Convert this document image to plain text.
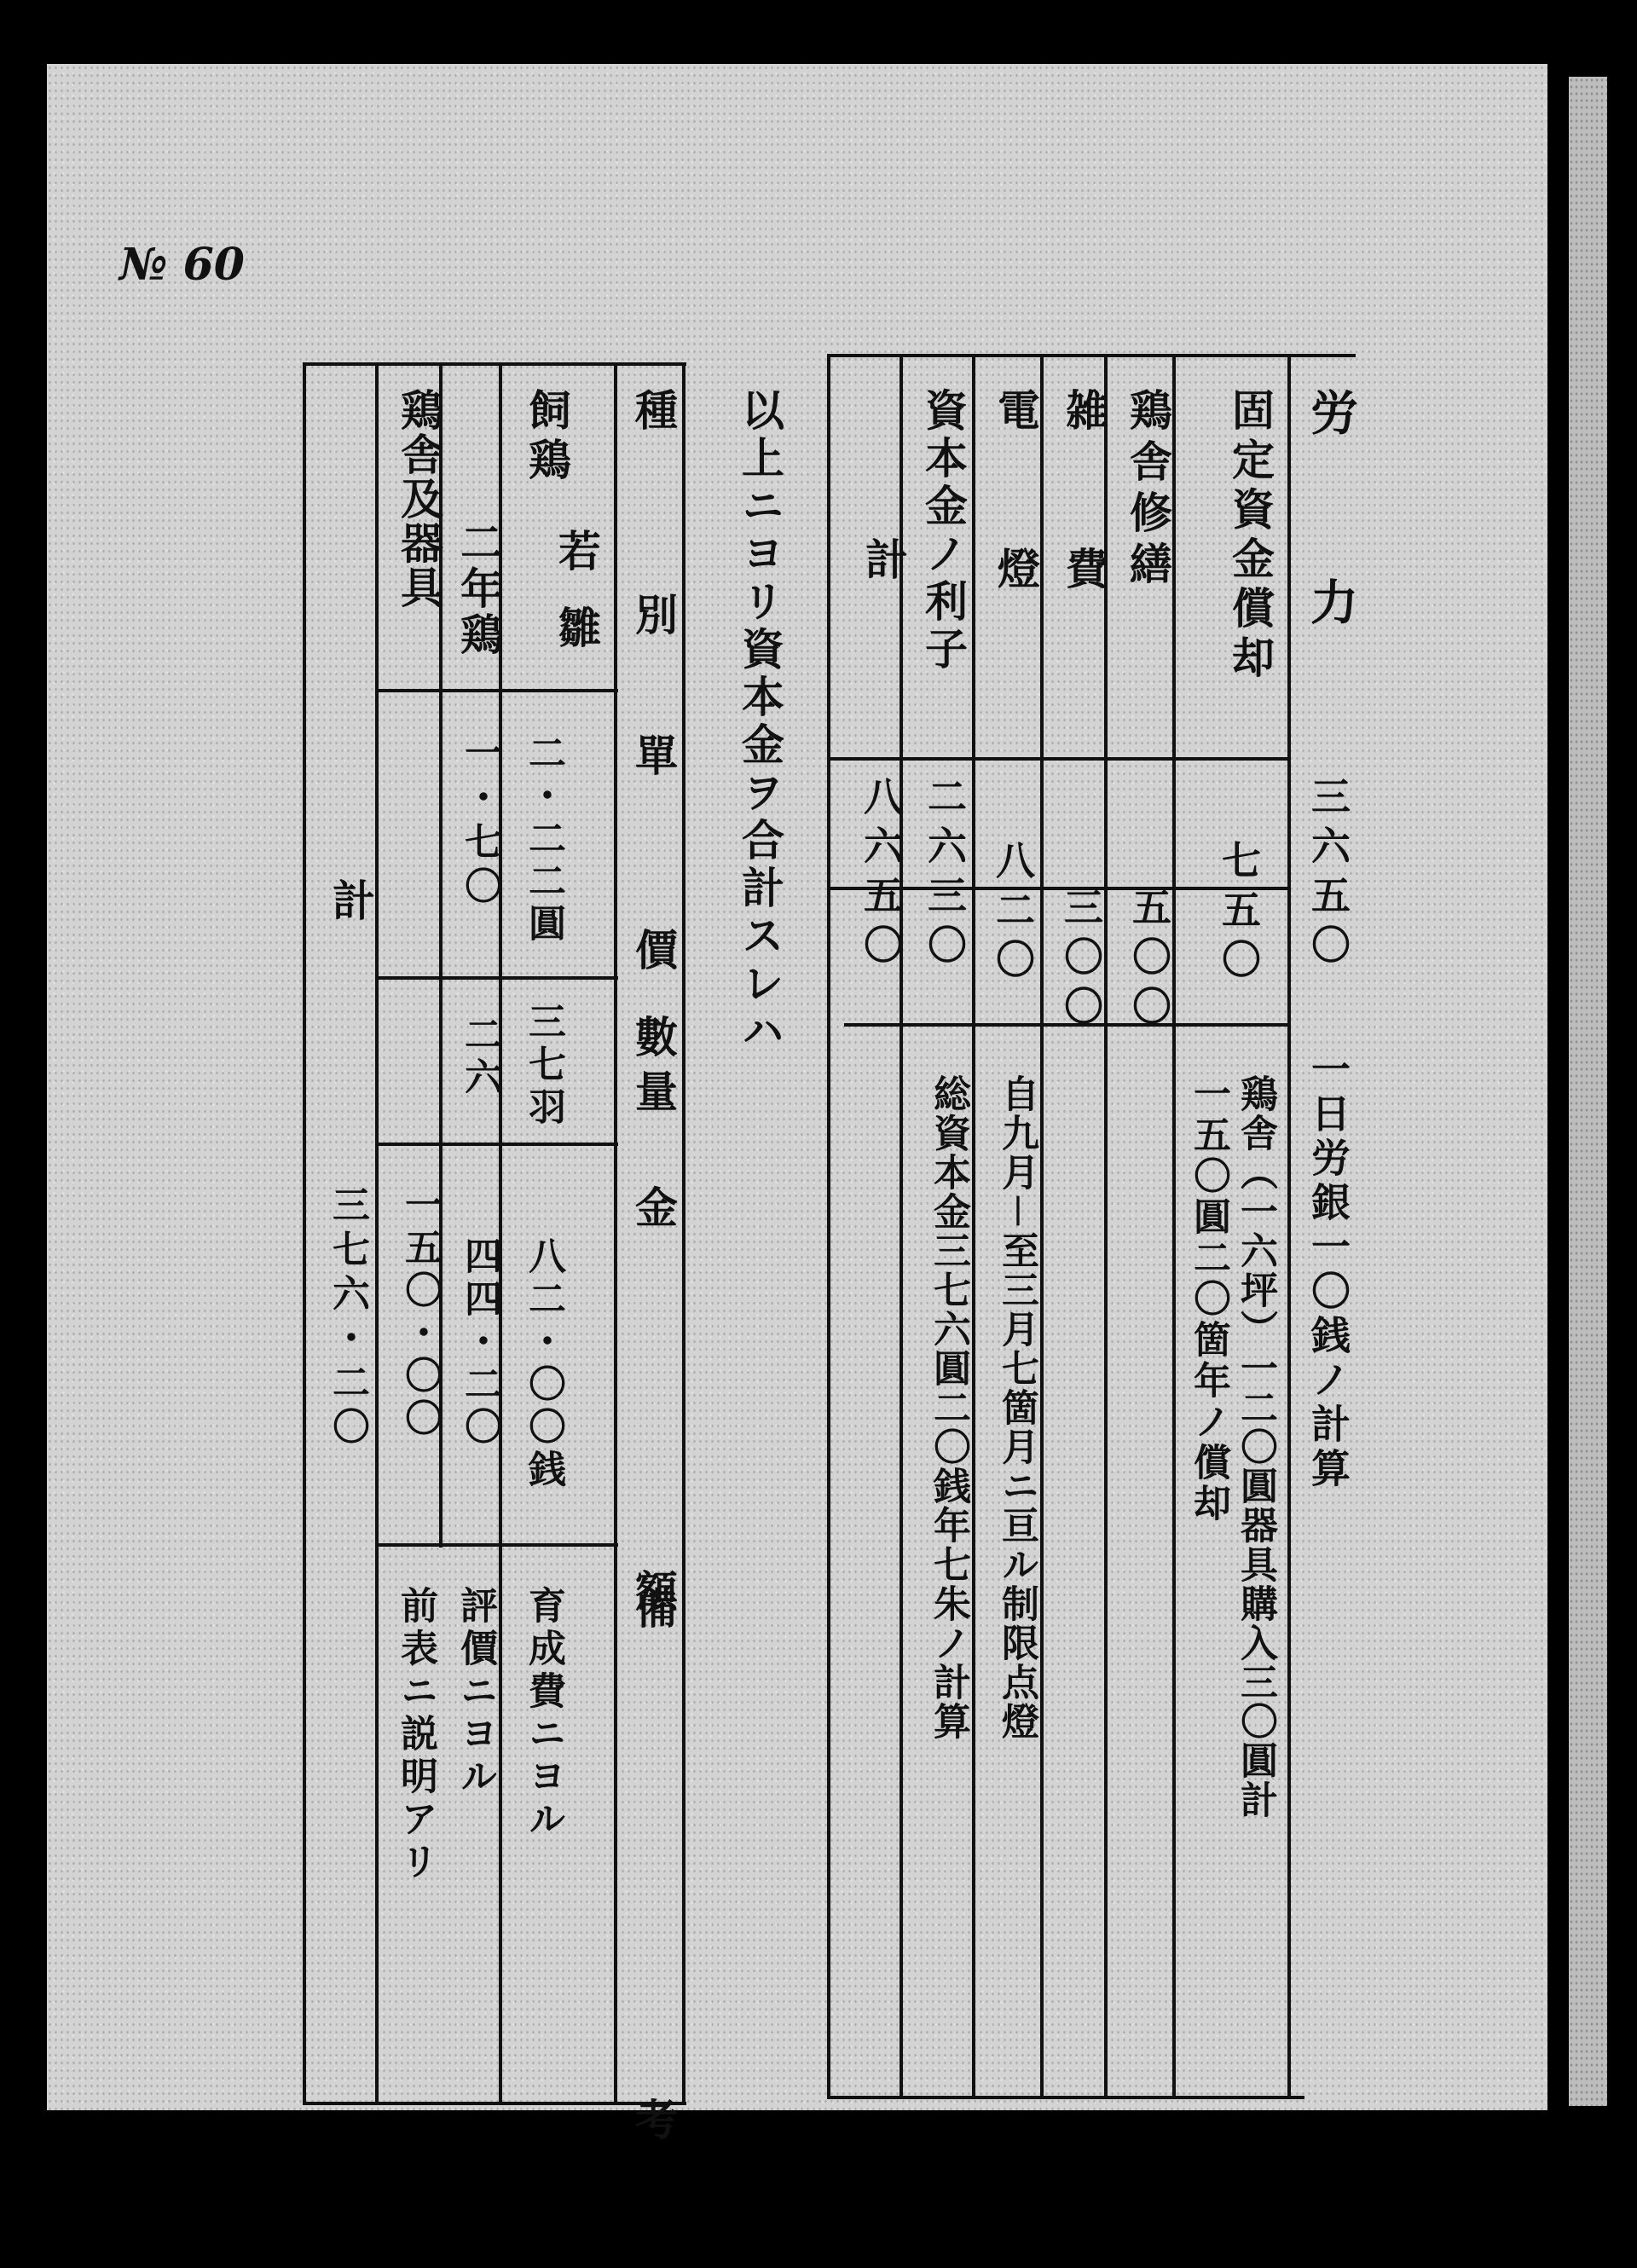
№ 60
労　　力
固定資金償却
鶏舎修繕
雑　　費
電　　燈
資本金ノ利子
計
三六五〇
七五〇
五〇〇
三〇〇
八二〇
二六三〇
八六五〇
一日労銀一〇銭ノ計算
鶏舎（一六坪）一二〇圓器具購入三〇圓計
一五〇圓二〇箇年ノ償却
自九月－至三月七箇月ニ亘ル制限点燈
総資本金三七六圓二〇銭年七朱ノ計算
以上ニヨリ資本金ヲ合計スレハ
種　　別
單　　價
數量
金　　額
備　　考
飼鶏
若
雛
二・二二圓
三七羽
八二・〇〇銭
育成費ニヨル
二年鶏
一・七〇
二六
四四・二〇
評價ニヨル
鶏舎及器具
一五〇・〇〇
前表ニ説明アリ
計
三七六・二〇
